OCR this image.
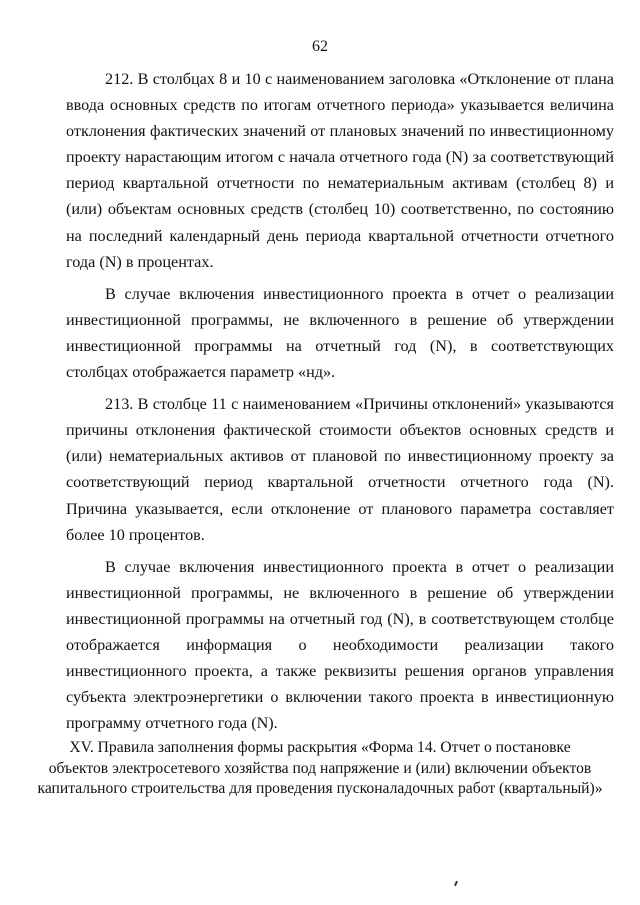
62

212. В столбцах 8 и 10 с наименованием заголовка «Отклонение от плана ввода основных средств по итогам отчетного периода» указывается величина отклонения фактических значений от плановых значений по инвестиционному проекту нарастающим итогом с начала отчетного года (N) за соответствующий период квартальной отчетности по нематериальным активам (столбец 8) и (или) объектам основных средств (столбец 10) соответственно, по состоянию на последний календарный день периода квартальной отчетности отчетного года (N) в процентах.

В случае включения инвестиционного проекта в отчет о реализации инвестиционной программы, не включенного в решение об утверждении инвестиционной программы на отчетный год (N), в соответствующих столбцах отображается параметр «нд».

213. В столбце 11 с наименованием «Причины отклонений» указываются причины отклонения фактической стоимости объектов основных средств и (или) нематериальных активов от плановой по инвестиционному проекту за соответствующий период квартальной отчетности отчетного года (N). Причина указывается, если отклонение от планового параметра составляет более 10 процентов.

В случае включения инвестиционного проекта в отчет о реализации инвестиционной программы, не включенного в решение об утверждении инвестиционной программы на отчетный год (N), в соответствующем столбце отображается информация о необходимости реализации такого инвестиционного проекта, а также реквизиты решения органов управления субъекта электроэнергетики о включении такого проекта в инвестиционную программу отчетного года (N).

XV. Правила заполнения формы раскрытия «Форма 14. Отчет о постановке
объектов электросетевого хозяйства под напряжение и (или) включении объектов
капитального строительства для проведения пусконаладочных работ (квартальный)»
